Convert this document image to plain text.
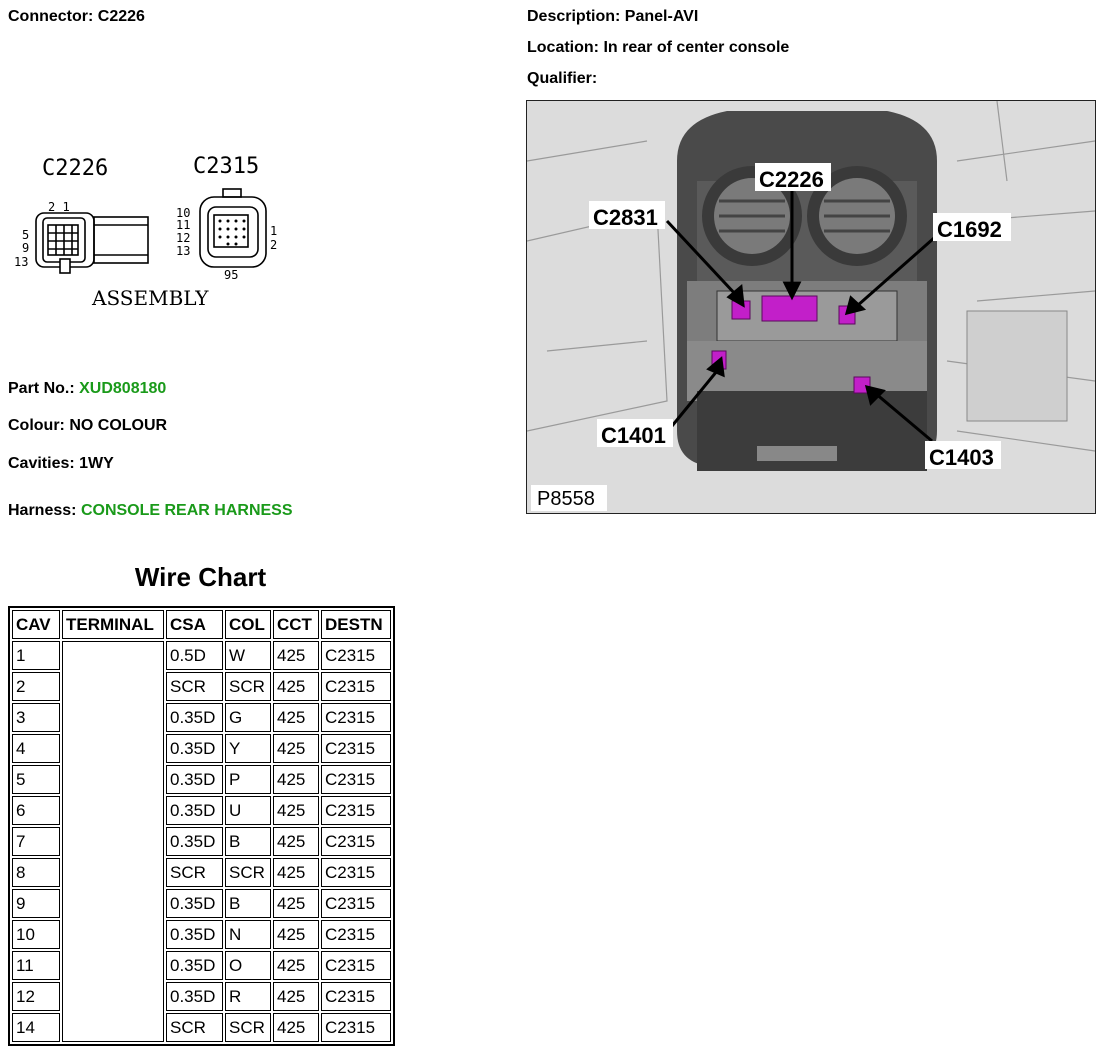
Connector: C2226	Description: Panel-AVI
Location: In rear of center console
Qualifier:
C2226	C2315
2 1
5
9
13
10
11
12
13
1
2
95
ASSEMBLY
Part No.: XUD808180
Colour: NO COLOUR
Cavities: 1WY
Harness: CONSOLE REAR HARNESS
C2226
C2831	C1692
C1401
C1403
P8558
Wire Chart
CAV	TERMINAL	CSA	COL	CCT	DESTN
1		0.5D	W	425	C2315
2		SCR	SCR	425	C2315
3		0.35D	G	425	C2315
4		0.35D	Y	425	C2315
5		0.35D	P	425	C2315
6		0.35D	U	425	C2315
7		0.35D	B	425	C2315
8		SCR	SCR	425	C2315
9		0.35D	B	425	C2315
10		0.35D	N	425	C2315
11		0.35D	O	425	C2315
12		0.35D	R	425	C2315
14		SCR	SCR	425	C2315
